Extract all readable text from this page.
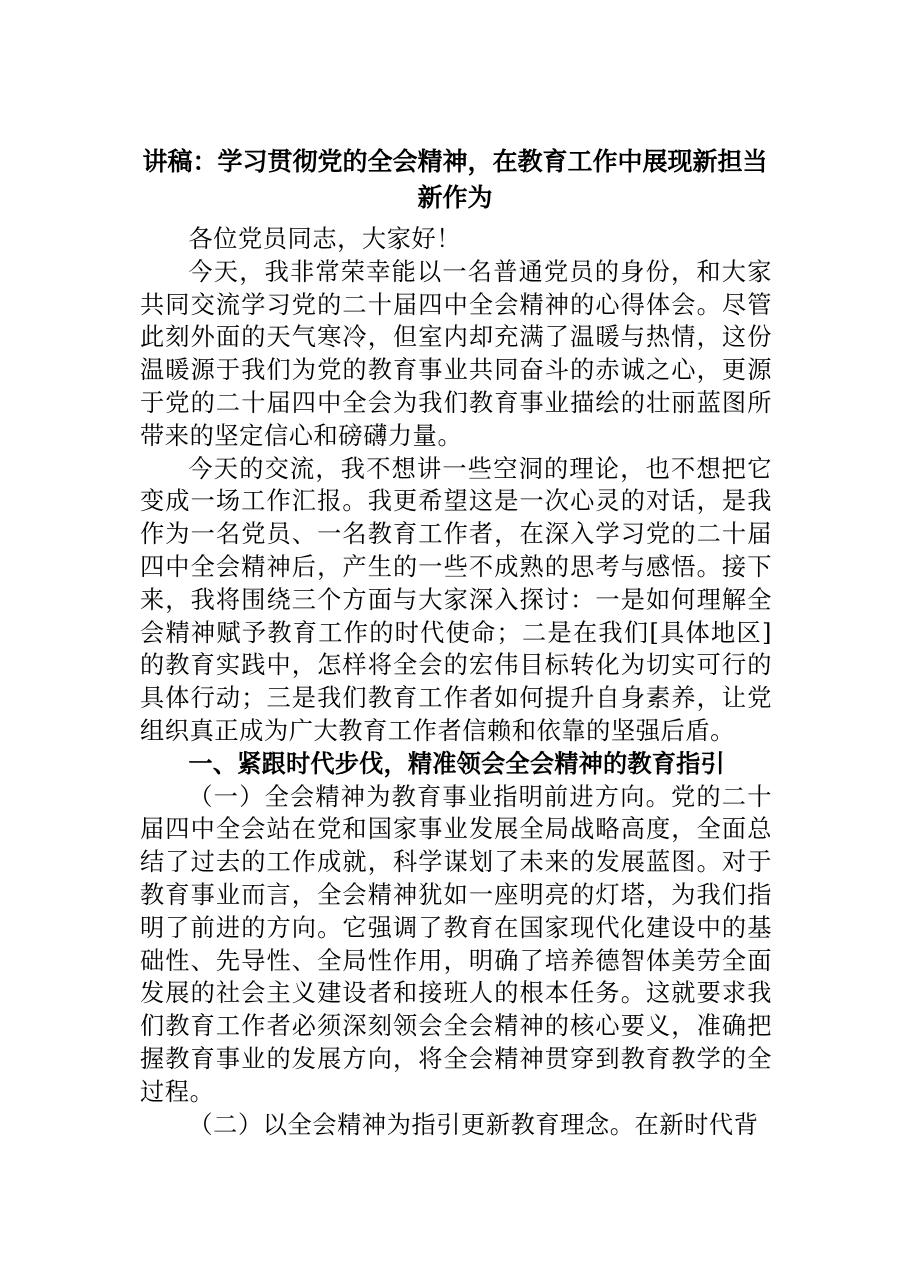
讲稿：学习贯彻党的全会精神，在教育工作中展现新担当新作为

各位党员同志，大家好！

今天，我非常荣幸能以一名普通党员的身份，和大家共同交流学习党的二十届四中全会精神的心得体会。尽管此刻外面的天气寒冷，但室内却充满了温暖与热情，这份温暖源于我们为党的教育事业共同奋斗的赤诚之心，更源于党的二十届四中全会为我们教育事业描绘的壮丽蓝图所带来的坚定信心和磅礴力量。

今天的交流，我不想讲一些空洞的理论，也不想把它变成一场工作汇报。我更希望这是一次心灵的对话，是我作为一名党员、一名教育工作者，在深入学习党的二十届四中全会精神后，产生的一些不成熟的思考与感悟。接下来，我将围绕三个方面与大家深入探讨：一是如何理解全会精神赋予教育工作的时代使命；二是在我们[具体地区]的教育实践中，怎样将全会的宏伟目标转化为切实可行的具体行动；三是我们教育工作者如何提升自身素养，让党组织真正成为广大教育工作者信赖和依靠的坚强后盾。

一、紧跟时代步伐，精准领会全会精神的教育指引

（一）全会精神为教育事业指明前进方向。党的二十届四中全会站在党和国家事业发展全局战略高度，全面总结了过去的工作成就，科学谋划了未来的发展蓝图。对于教育事业而言，全会精神犹如一座明亮的灯塔，为我们指明了前进的方向。它强调了教育在国家现代化建设中的基础性、先导性、全局性作用，明确了培养德智体美劳全面发展的社会主义建设者和接班人的根本任务。这就要求我们教育工作者必须深刻领会全会精神的核心要义，准确把握教育事业的发展方向，将全会精神贯穿到教育教学的全过程。

（二）以全会精神为指引更新教育理念。在新时代背
